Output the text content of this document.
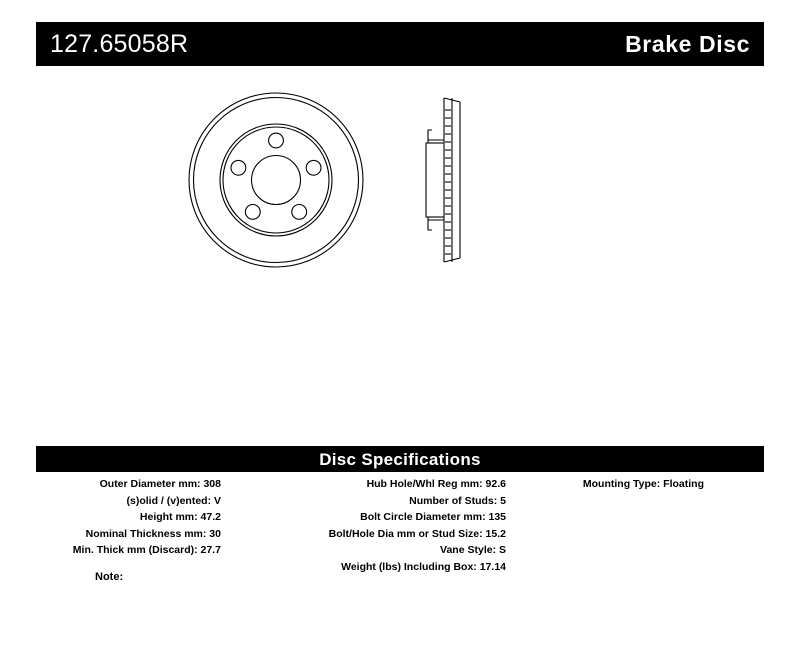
127.65058R	Brake Disc
Disc Specifications
Outer Diameter mm: 308
(s)olid / (v)ented: V
Height mm: 47.2
Nominal Thickness mm: 30
Min. Thick mm (Discard): 27.7
Hub Hole/Whl Reg mm: 92.6
Number of Studs: 5
Bolt Circle Diameter mm: 135
Bolt/Hole Dia mm or Stud Size: 15.2
Vane Style: S
Weight (lbs) Including Box: 17.14
Mounting Type: Floating
Note:
